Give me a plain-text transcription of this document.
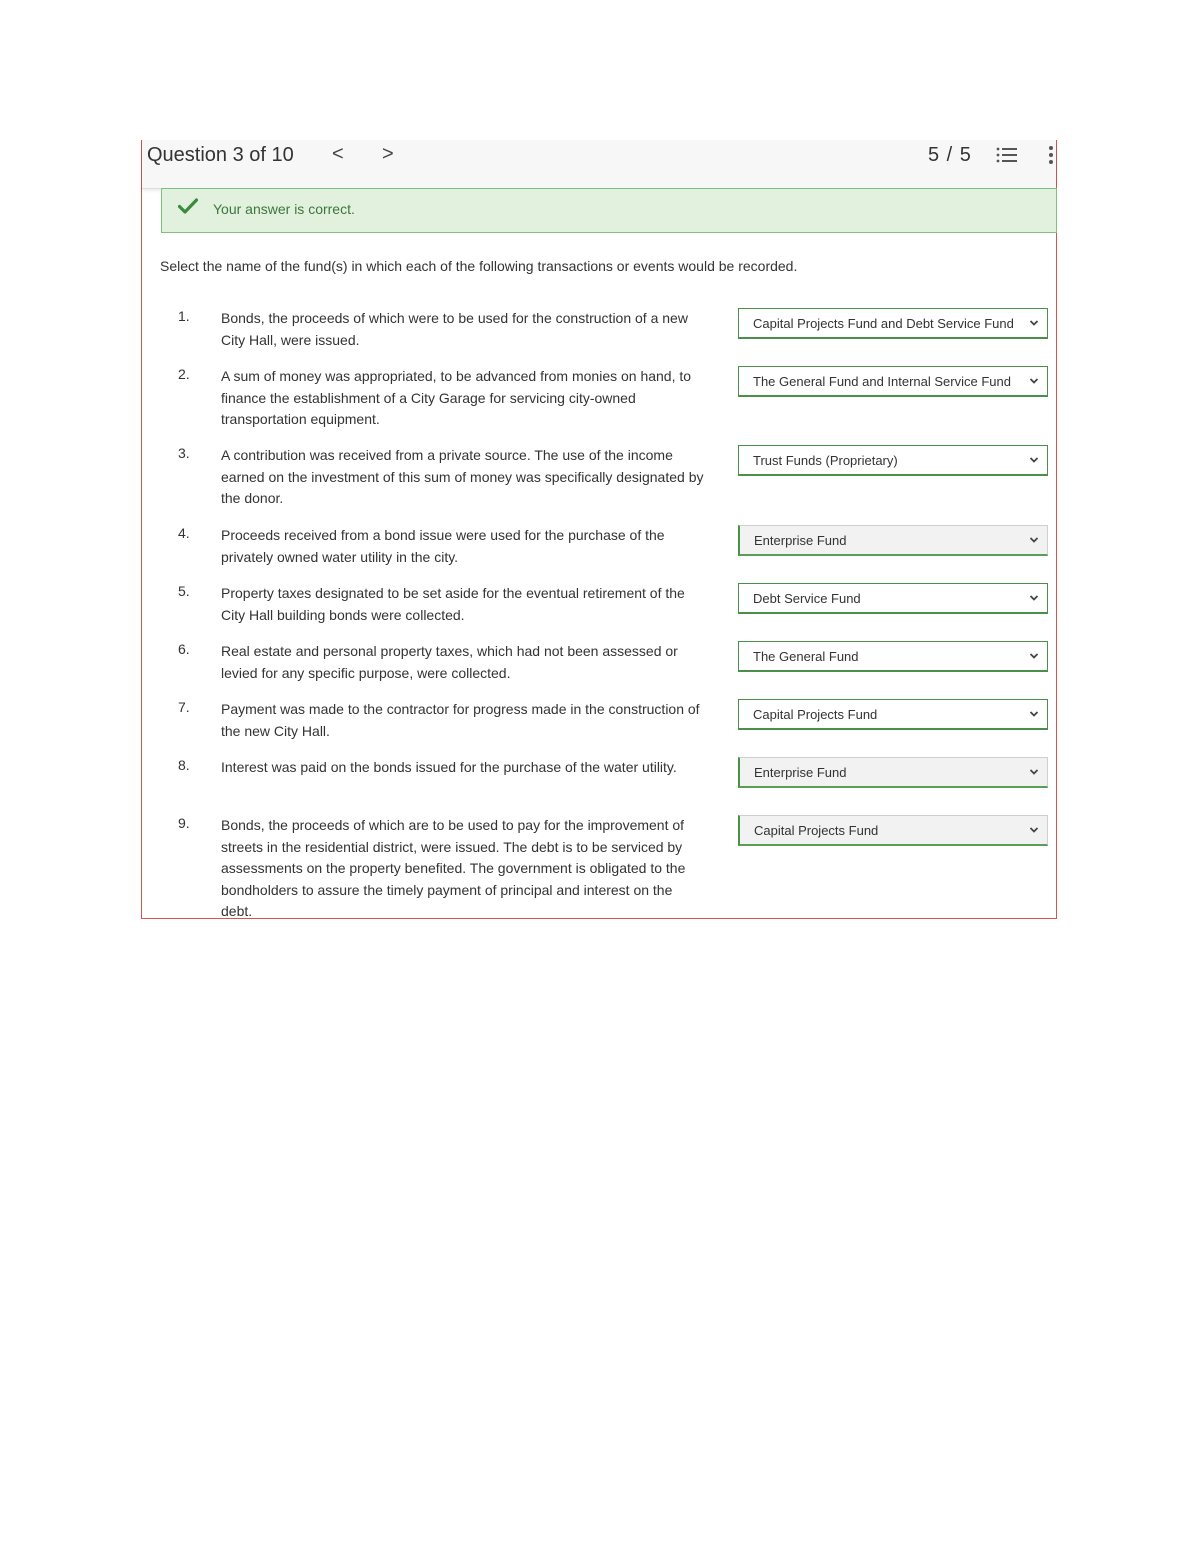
Question 3 of 10 < >	5 / 5
Your answer is correct.
Select the name of the fund(s) in which each of the following transactions or events would be recorded.
1. Bonds, the proceeds of which were to be used for the construction of a new City Hall, were issued.
Capital Projects Fund and Debt Service Fund
2. A sum of money was appropriated, to be advanced from monies on hand, to finance the establishment of a City Garage for servicing city-owned transportation equipment.
The General Fund and Internal Service Fund
3. A contribution was received from a private source. The use of the income earned on the investment of this sum of money was specifically designated by the donor.
Trust Funds (Proprietary)
4. Proceeds received from a bond issue were used for the purchase of the privately owned water utility in the city.
Enterprise Fund
5. Property taxes designated to be set aside for the eventual retirement of the City Hall building bonds were collected.
Debt Service Fund
6. Real estate and personal property taxes, which had not been assessed or levied for any specific purpose, were collected.
The General Fund
7. Payment was made to the contractor for progress made in the construction of the new City Hall.
Capital Projects Fund
8. Interest was paid on the bonds issued for the purchase of the water utility.	Enterprise Fund
9. Bonds, the proceeds of which are to be used to pay for the improvement of streets in the residential district, were issued. The debt is to be serviced by assessments on the property benefited. The government is obligated to the bondholders to assure the timely payment of principal and interest on the debt.
Capital Projects Fund
